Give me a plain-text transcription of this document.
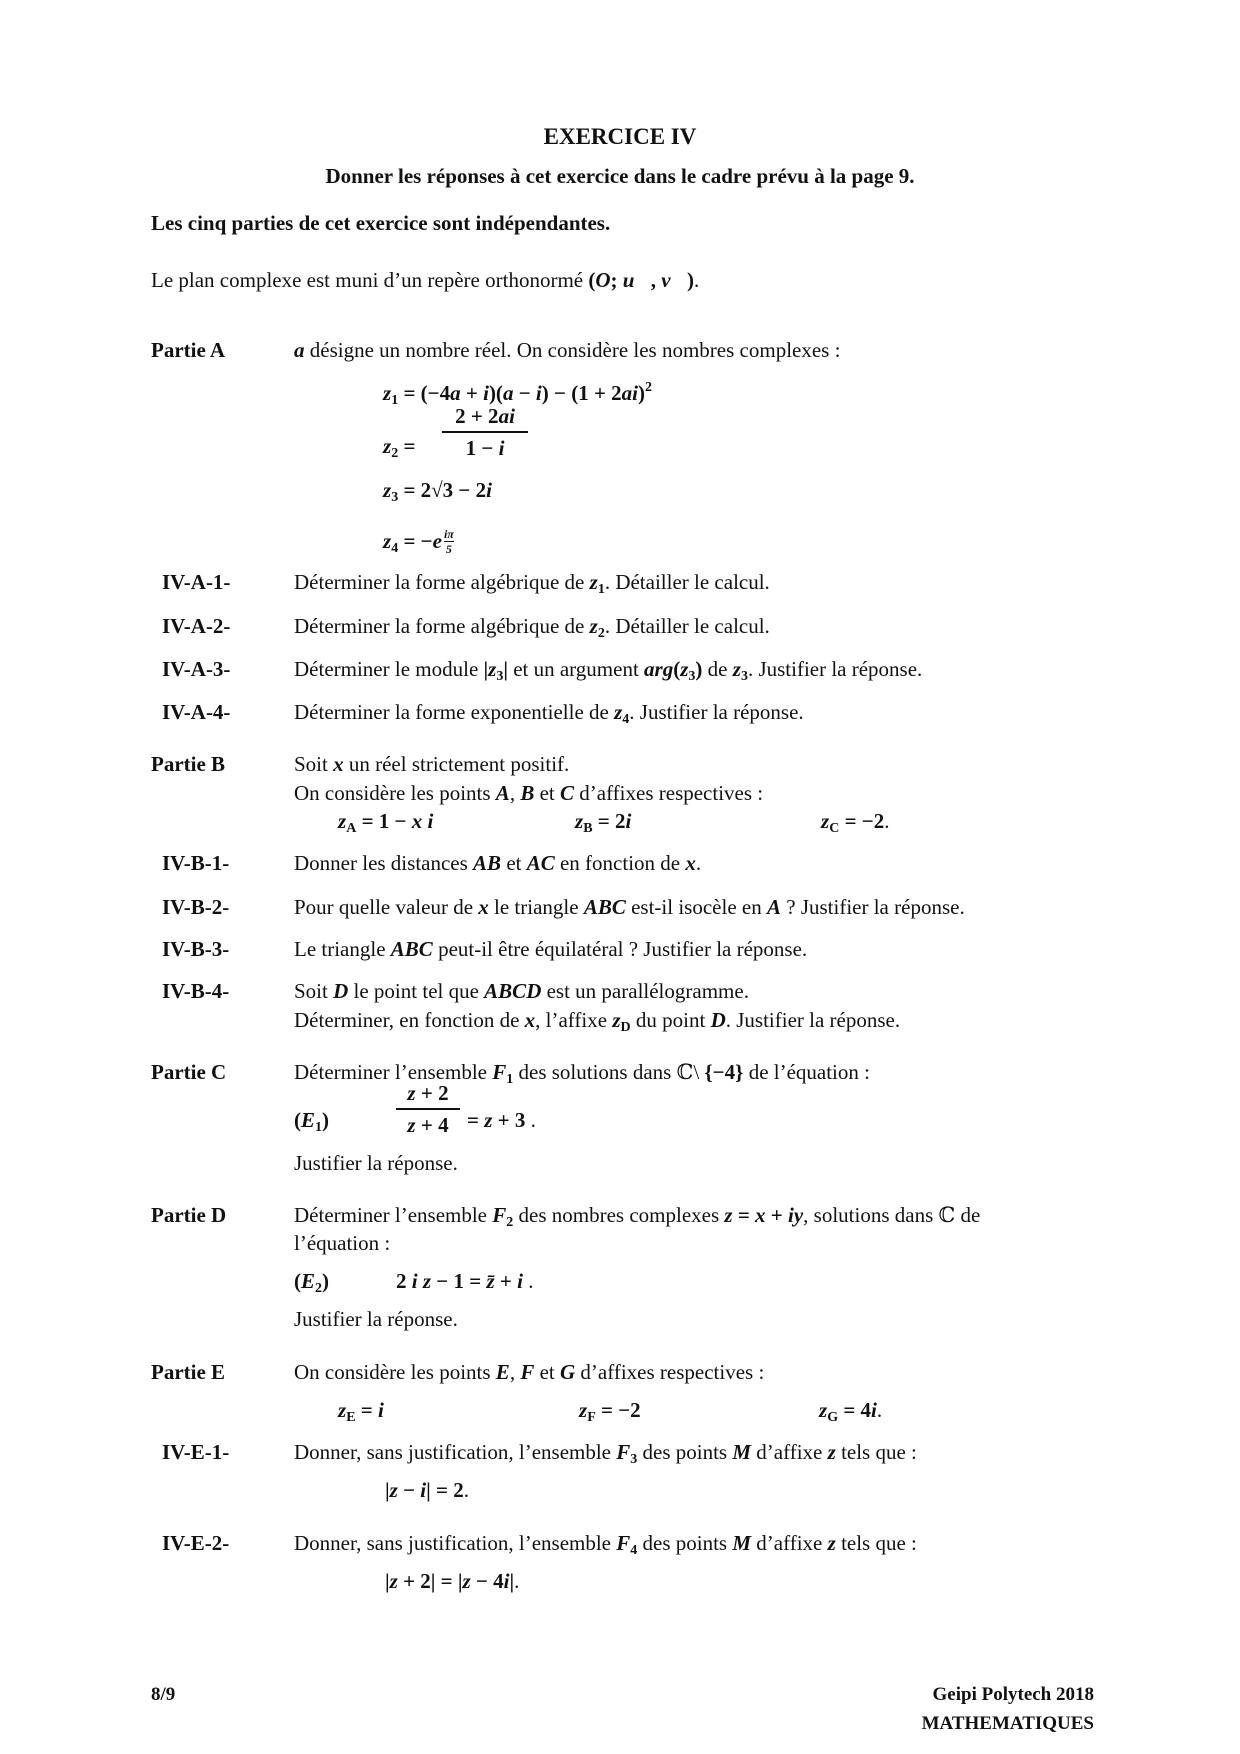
EXERCICE IV
Donner les réponses à cet exercice dans le cadre prévu à la page 9.
Les cinq parties de cet exercice sont indépendantes.
Le plan complexe est muni d’un repère orthonormé (O; u⃗, v⃗).
Partie A	a désigne un nombre réel. On considère les nombres complexes :
$z1 = (-4a + i)(a - i) - (1 + 2ai)^2$
z2 =
2 + 2ai
1 − i
z3 = 2√3 − 2i
$z4 = -e \frac{i\pi}{5}$
IV-A-1-	Déterminer la forme algébrique de z1. Détailler le calcul.
IV-A-2-	Déterminer la forme algébrique de z2. Détailler le calcul.
IV-A-3-	Déterminer le module |z3| et un argument arg(z3) de z3. Justifier la réponse.
IV-A-4-	Déterminer la forme exponentielle de z4. Justifier la réponse.
Partie B	Soit x un réel strictement positif.
On considère les points A, B et C d’affixes respectives :
zA = 1 − x i	zB = 2i	zC = −2.
IV-B-1-	Donner les distances AB et AC en fonction de x.
IV-B-2-	Pour quelle valeur de x le triangle ABC est-il isocèle en A ? Justifier la réponse.
IV-B-3-	Le triangle ABC peut-il être équilatéral ? Justifier la réponse.
IV-B-4-	Soit D le point tel que ABCD est un parallélogramme.
Déterminer, en fonction de x, l’affixe zD du point D. Justifier la réponse.
Partie C	Déterminer l’ensemble F1 des solutions dans ℂ\ {−4} de l’équation :
(E1)
z + 2
z + 4 = z + 3 .
Justifier la réponse.
Partie D	Déterminer l’ensemble F2 des nombres complexes z = x + iy, solutions dans ℂ de
l’équation :
(E2)	2 i z − 1 = z̄ + i .
Justifier la réponse.
Partie E	On considère les points E, F et G d’affixes respectives :
zE = i	zF = −2	zG = 4i.
IV-E-1-	Donner, sans justification, l’ensemble F3 des points M d’affixe z tels que :
|z − i| = 2.
IV-E-2-	Donner, sans justification, l’ensemble F4 des points M d’affixe z tels que :
|z + 2| = |z − 4i|.
8/9	Geipi Polytech 2018
MATHEMATIQUES
